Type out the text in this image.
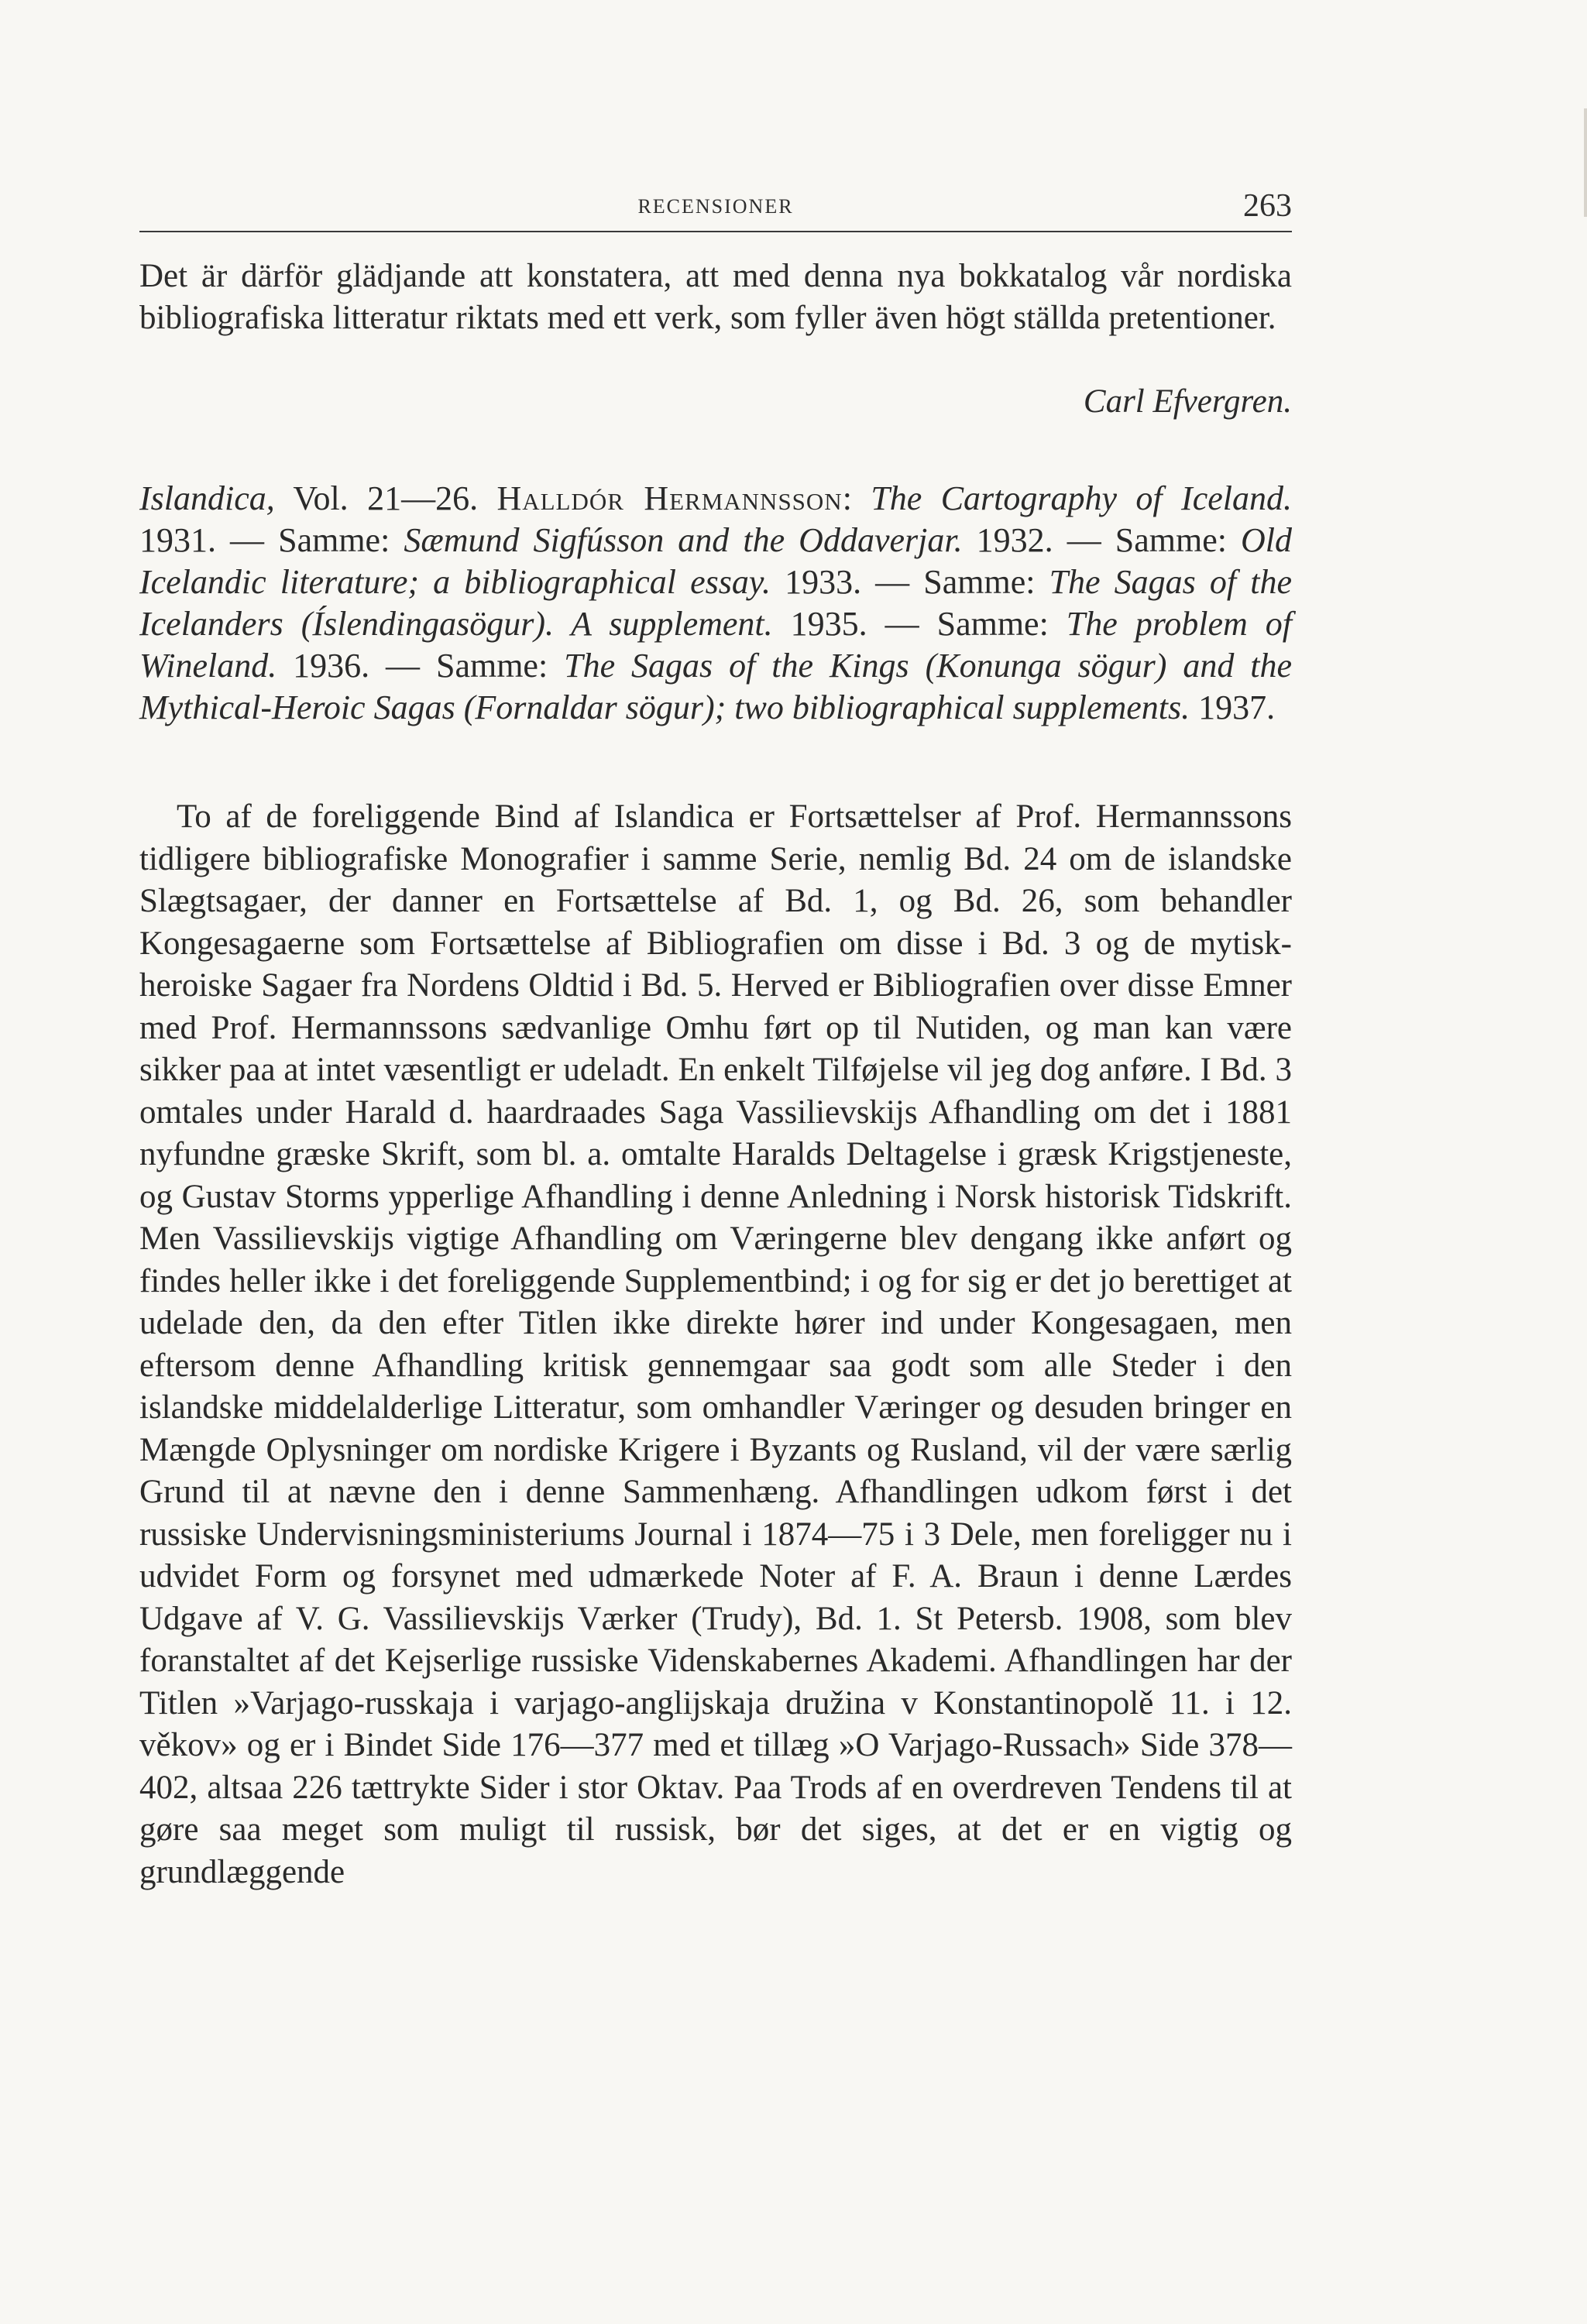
RECENSIONER	263
Det är därför glädjande att konstatera, att med denna nya bokkatalog vår nordiska bibliografiska litteratur riktats med ett verk, som fyller även högt ställda pretentioner.
Carl Efvergren.
Islandica, Vol. 21—26. Halldór Hermannsson: The Cartography of Iceland. 1931. — Samme: Sæmund Sigfússon and the Oddaverjar. 1932. — Samme: Old Icelandic literature; a bibliographical essay. 1933. — Samme: The Sagas of the Icelanders (Íslendingasögur). A supplement. 1935. — Samme: The problem of Wineland. 1936. — Samme: The Sagas of the Kings (Konunga sögur) and the Mythical-Heroic Sagas (Fornaldar sögur); two bibliographical supplements. 1937.
To af de foreliggende Bind af Islandica er Fortsættelser af Prof. Hermannssons tidligere bibliografiske Monografier i samme Serie, nemlig Bd. 24 om de islandske Slægtsagaer, der danner en Fortsættelse af Bd. 1, og Bd. 26, som behandler Kongesagaerne som Fortsættelse af Bibliografien om disse i Bd. 3 og de mytisk-heroiske Sagaer fra Nordens Oldtid i Bd. 5. Herved er Bibliografien over disse Emner med Prof. Hermannssons sædvanlige Omhu ført op til Nutiden, og man kan være sikker paa at intet væsentligt er udeladt. En enkelt Tilføjelse vil jeg dog anføre. I Bd. 3 omtales under Harald d. haardraades Saga Vassilievskijs Afhandling om det i 1881 nyfundne græske Skrift, som bl. a. omtalte Haralds Deltagelse i græsk Krigstjeneste, og Gustav Storms ypperlige Afhandling i denne Anledning i Norsk historisk Tidskrift. Men Vassilievskijs vigtige Afhandling om Væringerne blev dengang ikke anført og findes heller ikke i det foreliggende Supplementbind; i og for sig er det jo berettiget at udelade den, da den efter Titlen ikke direkte hører ind under Kongesagaen, men eftersom denne Afhandling kritisk gennemgaar saa godt som alle Steder i den islandske middelalderlige Litteratur, som omhandler Væringer og desuden bringer en Mængde Oplysninger om nordiske Krigere i Byzants og Rusland, vil der være særlig Grund til at nævne den i denne Sammenhæng. Afhandlingen udkom først i det russiske Undervisningsministeriums Journal i 1874—75 i 3 Dele, men foreligger nu i udvidet Form og forsynet med udmærkede Noter af F. A. Braun i denne Lærdes Udgave af V. G. Vassilievskijs Værker (Trudy), Bd. 1. St Petersb. 1908, som blev foranstaltet af det Kejserlige russiske Videnskabernes Akademi. Afhandlingen har der Titlen »Varjago-russkaja i varjago-anglijskaja družina v Konstantinopolě 11. i 12. věkov» og er i Bindet Side 176—377 med et tillæg »O Varjago-Russach» Side 378—402, altsaa 226 tættrykte Sider i stor Oktav. Paa Trods af en overdreven Tendens til at gøre saa meget som muligt til russisk, bør det siges, at det er en vigtig og grundlæggende
